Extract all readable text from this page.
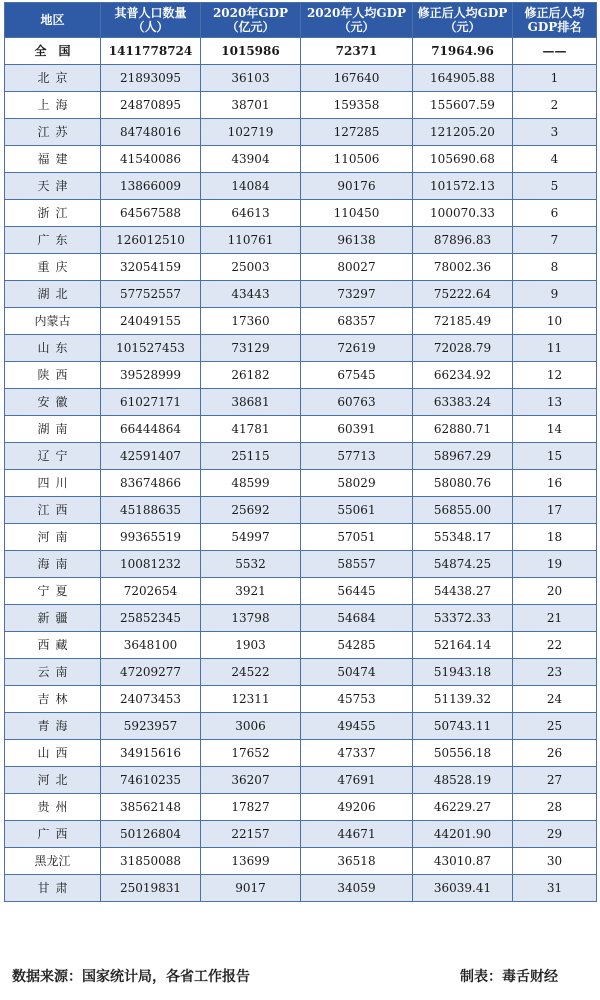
地区	其普人口数量（人）	2020年GDP（亿元）	2020年人均GDP（元）	修正后人均GDP（元）	修正后人均GDP排名
全　国	1411778724	1015986	72371	71964.96	——
北京	21893095	36103	167640	164905.88	1
上海	24870895	38701	159358	155607.59	2
江苏	84748016	102719	127285	121205.20	3
福建	41540086	43904	110506	105690.68	4
天津	13866009	14084	90176	101572.13	5
浙江	64567588	64613	110450	100070.33	6
广东	126012510	110761	96138	87896.83	7
重庆	32054159	25003	80027	78002.36	8
湖北	57752557	43443	73297	75222.64	9
内蒙古	24049155	17360	68357	72185.49	10
山东	101527453	73129	72619	72028.79	11
陕西	39528999	26182	67545	66234.92	12
安徽	61027171	38681	60763	63383.24	13
湖南	66444864	41781	60391	62880.71	14
辽宁	42591407	25115	57713	58967.29	15
四川	83674866	48599	58029	58080.76	16
江西	45188635	25692	55061	56855.00	17
河南	99365519	54997	57051	55348.17	18
海南	10081232	5532	58557	54874.25	19
宁夏	7202654	3921	56445	54438.27	20
新疆	25852345	13798	54684	53372.33	21
西藏	3648100	1903	54285	52164.14	22
云南	47209277	24522	50474	51943.18	23
吉林	24073453	12311	45753	51139.32	24
青海	5923957	3006	49455	50743.11	25
山西	34915616	17652	47337	50556.18	26
河北	74610235	36207	47691	48528.19	27
贵州	38562148	17827	49206	46229.27	28
广西	50126804	22157	44671	44201.90	29
黑龙江	31850088	13699	36518	43010.87	30
甘肃	25019831	9017	34059	36039.41	31
数据来源：国家统计局，各省工作报告	制表：毒舌财经
